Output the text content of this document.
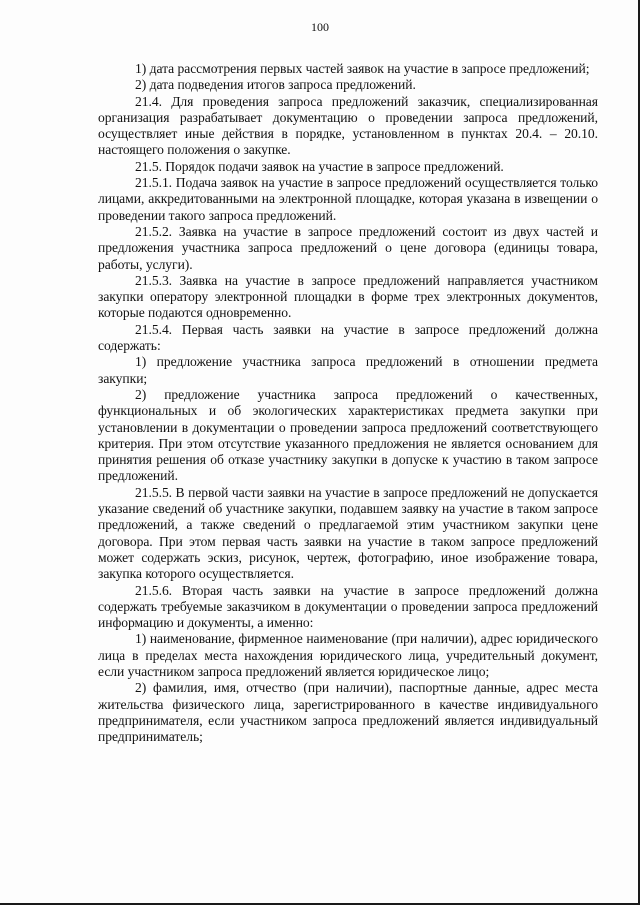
100

1) дата рассмотрения первых частей заявок на участие в запросе предложений;

2) дата подведения итогов запроса предложений.

21.4. Для проведения запроса предложений заказчик, специализированная организация разрабатывает документацию о проведении запроса предложений, осуществляет иные действия в порядке, установленном в пунктах 20.4. – 20.10. настоящего положения о закупке.

21.5. Порядок подачи заявок на участие в запросе предложений.

21.5.1. Подача заявок на участие в запросе предложений осуществляется только лицами, аккредитованными на электронной площадке, которая указана в извещении о проведении такого запроса предложений.

21.5.2. Заявка на участие в запросе предложений состоит из двух частей и предложения участника запроса предложений о цене договора (единицы товара, работы, услуги).

21.5.3. Заявка на участие в запросе предложений направляется участником закупки оператору электронной площадки в форме трех электронных документов, которые подаются одновременно.

21.5.4. Первая часть заявки на участие в запросе предложений должна содержать:

1) предложение участника запроса предложений в отношении предмета закупки;

2) предложение участника запроса предложений о качественных, функциональных и об экологических характеристиках предмета закупки при установлении в документации о проведении запроса предложений соответствующего критерия. При этом отсутствие указанного предложения не является основанием для принятия решения об отказе участнику закупки в допуске к участию в таком запросе предложений.

21.5.5. В первой части заявки на участие в запросе предложений не допускается указание сведений об участнике закупки, подавшем заявку на участие в таком запросе предложений, а также сведений о предлагаемой этим участником закупки цене договора. При этом первая часть заявки на участие в таком запросе предложений может содержать эскиз, рисунок, чертеж, фотографию, иное изображение товара, закупка которого осуществляется.

21.5.6. Вторая часть заявки на участие в запросе предложений должна содержать требуемые заказчиком в документации о проведении запроса предложений информацию и документы, а именно:

1) наименование, фирменное наименование (при наличии), адрес юридического лица в пределах места нахождения юридического лица, учредительный документ, если участником запроса предложений является юридическое лицо;

2) фамилия, имя, отчество (при наличии), паспортные данные, адрес места жительства физического лица, зарегистрированного в качестве индивидуального предпринимателя, если участником запроса предложений является индивидуальный предприниматель;
